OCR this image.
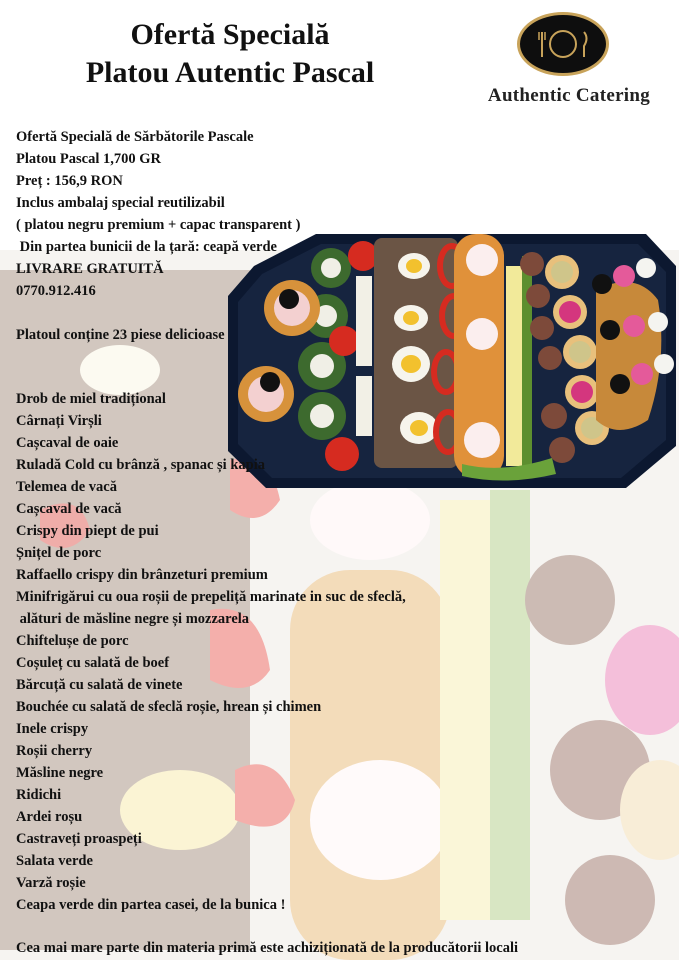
Ofertă Specială
Platou Autentic Pascal
Authentic Catering
Ofertă Specială de Sărbătorile Pascale
Platou Pascal 1,700 GR
Preț : 156,9 RON
Inclus ambalaj special reutilizabil
( platou negru premium + capac transparent )
Din partea bunicii de la țară: ceapă verde
LIVRARE GRATUITĂ
0770.912.416
Platoul conține 23 piese delicioase
Drob de miel tradițional
Cârnați Virșli
Cașcaval de oaie
Ruladă Cold cu brânză , spanac și kapia
Telemea de vacă
Cașcaval de vacă
Crispy din piept de pui
Șnițel de porc
Raffaello crispy din brânzeturi premium
Minifrigărui cu oua roșii de prepeliță marinate in suc de sfeclă,
alături de măsline negre și mozzarela
Chiftelușe de porc
Coșuleț cu salată de boef
Bărcuță cu salată de vinete
Bouchée cu salată de sfeclă roșie, hrean și chimen
Inele crispy
Roșii cherry
Măsline negre
Ridichi
Ardei roșu
Castraveți proaspeți
Salata verde
Varză roșie
Ceapa verde din partea casei, de la bunica !
Cea mai mare parte din materia primă este achiziționată de la producătorii locali
